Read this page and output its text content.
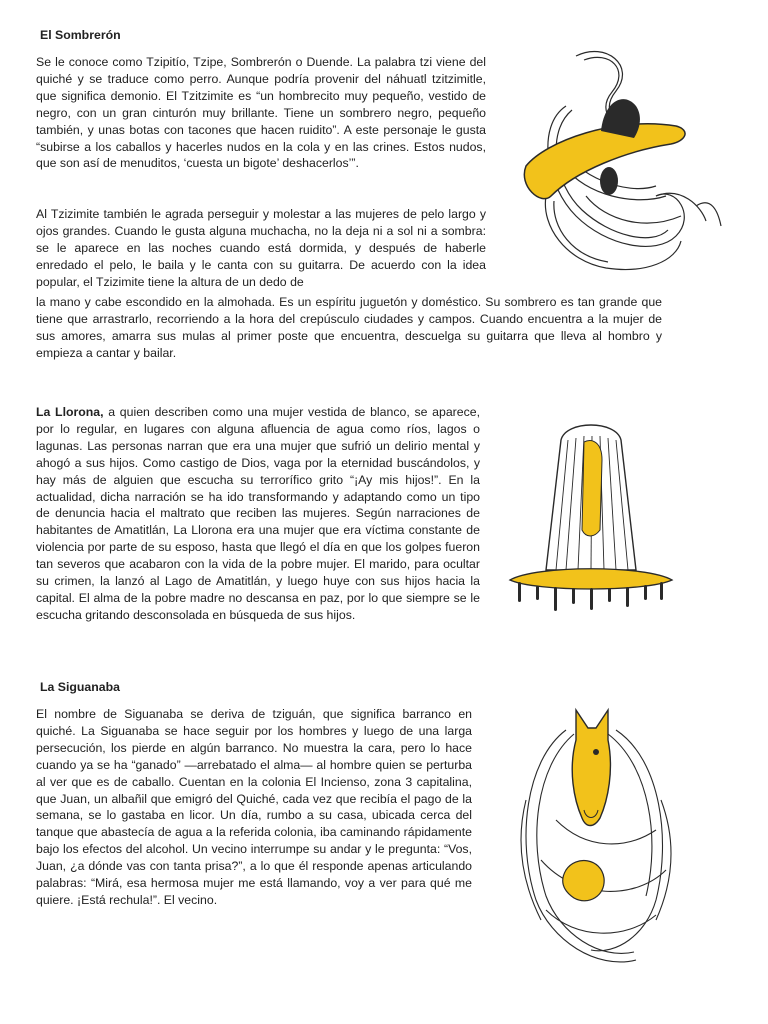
El Sombrerón
Se le conoce como Tzipitío, Tzipe, Sombrerón o Duende. La palabra tzi viene del quiché y se traduce como perro. Aunque podría provenir del náhuatl tzitzimitle, que significa demonio. El Tzitzimite es “un hombrecito muy pequeño, vestido de negro, con un gran cinturón muy brillante. Tiene un sombrero negro, pequeño también, y unas botas con tacones que hacen ruidito”. A este personaje le gusta “subirse a los caballos y hacerles nudos en la cola y en las crines. Estos nudos, que son así de menuditos, ‘cuesta un bigote’ deshacerlos’”.
Al Tzizimite también le agrada perseguir y molestar a las mujeres de pelo largo y ojos grandes. Cuando le gusta alguna muchacha, no la deja ni a sol ni a sombra: se le aparece en las noches cuando está dormida, y después de haberle enredado el pelo, le baila y le canta con su guitarra. De acuerdo con la idea popular, el Tzizimite tiene la altura de un dedo de
la mano y cabe escondido en la almohada. Es un espíritu juguetón y doméstico. Su sombrero es tan grande que tiene que arrastrarlo, recorriendo a la hora del crepúsculo ciudades y campos. Cuando encuentra a la mujer de sus amores, amarra sus mulas al primer poste que encuentra, descuelga su guitarra que lleva al hombro y empieza a cantar y bailar.
La Llorona, a quien describen como una mujer vestida de blanco, se aparece, por lo regular, en lugares con alguna afluencia de agua como ríos, lagos o lagunas. Las personas narran que era una mujer que sufrió un delirio mental y ahogó a sus hijos. Como castigo de Dios, vaga por la eternidad buscándolos, y hay más de alguien que escucha su terrorífico grito “¡Ay mis hijos!”. En la actualidad, dicha narración se ha ido transformando y adaptando como un tipo de denuncia hacia el maltrato que reciben las mujeres. Según narraciones de habitantes de Amatitlán, La Llorona era una mujer que era víctima constante de violencia por parte de su esposo, hasta que llegó el día en que los golpes fueron tan severos que acabaron con la vida de la pobre mujer. El marido, para ocultar su crimen, la lanzó al Lago de Amatitlán, y luego huye con sus hijos hacia la capital. El alma de la pobre madre no descansa en paz, por lo que siempre se le escucha gritando desconsolada en búsqueda de sus hijos.
La Siguanaba
El nombre de Siguanaba se deriva de tziguán, que significa barranco en quiché. La Siguanaba se hace seguir por los hombres y luego de una larga persecución, los pierde en algún barranco. No muestra la cara, pero lo hace cuando ya se ha “ganado” —arrebatado el alma— al hombre quien se perturba al ver que es de caballo. Cuentan en la colonia El Incienso, zona 3 capitalina, que Juan, un albañil que emigró del Quiché, cada vez que recibía el pago de la semana, se lo gastaba en licor. Un día, rumbo a su casa, ubicada cerca del tanque que abastecía de agua a la referida colonia, iba caminando rápidamente bajo los efectos del alcohol. Un vecino interrumpe su andar y le pregunta: “Vos, Juan, ¿a dónde vas con tanta prisa?”, a lo que él responde apenas articulando palabras: “Mirá, esa hermosa mujer me está llamando, voy a ver para qué me quiere. ¡Está rechula!”. El vecino.
